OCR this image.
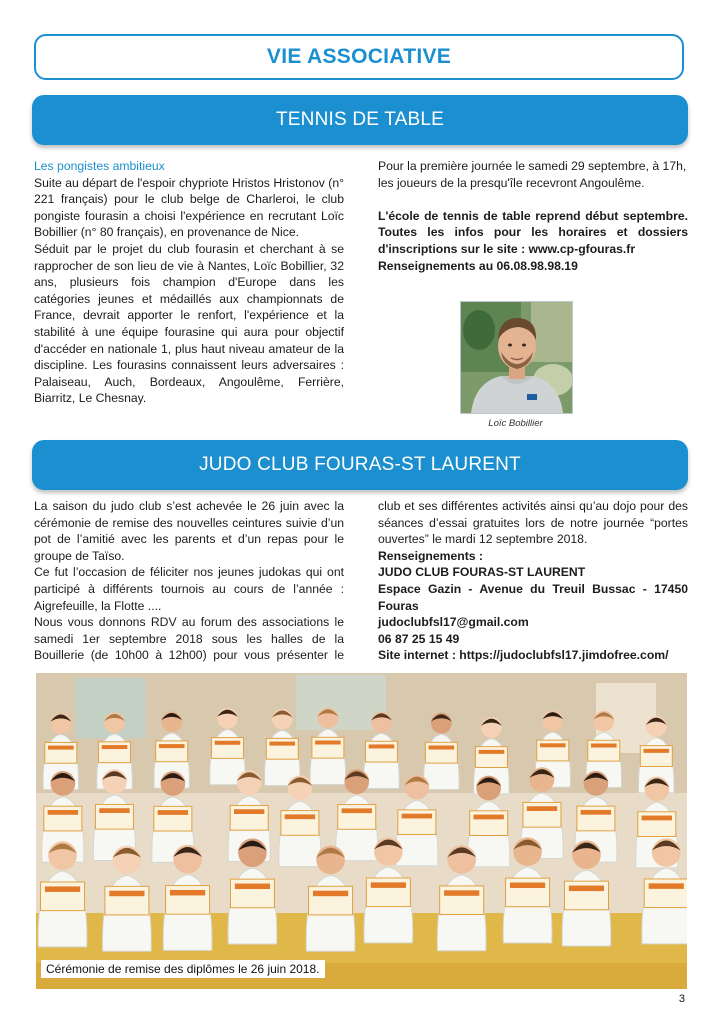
VIE ASSOCIATIVE
TENNIS DE TABLE

Les pongistes ambitieux

Suite au départ de l'espoir chypriote Hristos Hristonov (n°

221 français) pour le club belge de Charleroi, le club

pongiste fourasin a choisi l'expérience en recrutant Loïc

Bobillier (n° 80 français), en provenance de Nice.

Séduit par le projet du club fourasin et cherchant à se

rapprocher de son lieu de vie à Nantes, Loïc Bobillier, 32

ans, plusieurs fois champion d'Europe dans les

catégories jeunes et médaillés aux championnats de

France, devrait apporter le renfort, l'expérience et la

stabilité à une équipe fourasine qui aura pour objectif

d'accéder en nationale 1, plus haut niveau amateur de la

discipline. Les fourasins connaissent leurs adversaires :

Palaiseau, Auch, Bordeaux, Angoulême, Ferrière,

Biarritz, Le Chesnay.

Pour la première journée le samedi 29 septembre, à 17h,

les joueurs de la presqu'île recevront Angoulême.

L'école de tennis de table reprend début septembre.

Toutes les infos pour les horaires et dossiers

d'inscriptions sur le site : www.cp-gfouras.fr

Renseignements au 06.08.98.98.19

Loïc Bobillier
JUDO CLUB FOURAS-ST LAURENT

La saison du judo club s’est achevée le 26 juin avec la

cérémonie de remise des nouvelles ceintures suivie d’un

pot de l’amitié avec les parents et d’un repas pour le

groupe de Taïso.

Ce fut l’occasion de féliciter nos jeunes judokas qui ont

participé à différents tournois au cours de l’année :

Aigrefeuille, la Flotte ....

Nous vous donnons RDV au forum des associations le

samedi 1er septembre 2018 sous les halles de la

Bouillerie (de 10h00 à 12h00) pour vous présenter le

club et ses différentes activités ainsi qu’au dojo pour des

séances d’essai gratuites lors de notre journée “portes

ouvertes” le mardi 12 septembre 2018.

Renseignements :

JUDO CLUB FOURAS-ST LAURENT

Espace Gazin - Avenue du Treuil Bussac - 17450

Fouras

judoclubfsl17@gmail.com

06 87 25 15 49

Site internet : https://judoclubfsl17.jimdofree.com/

Cérémonie de remise des diplômes le 26 juin 2018.
3
